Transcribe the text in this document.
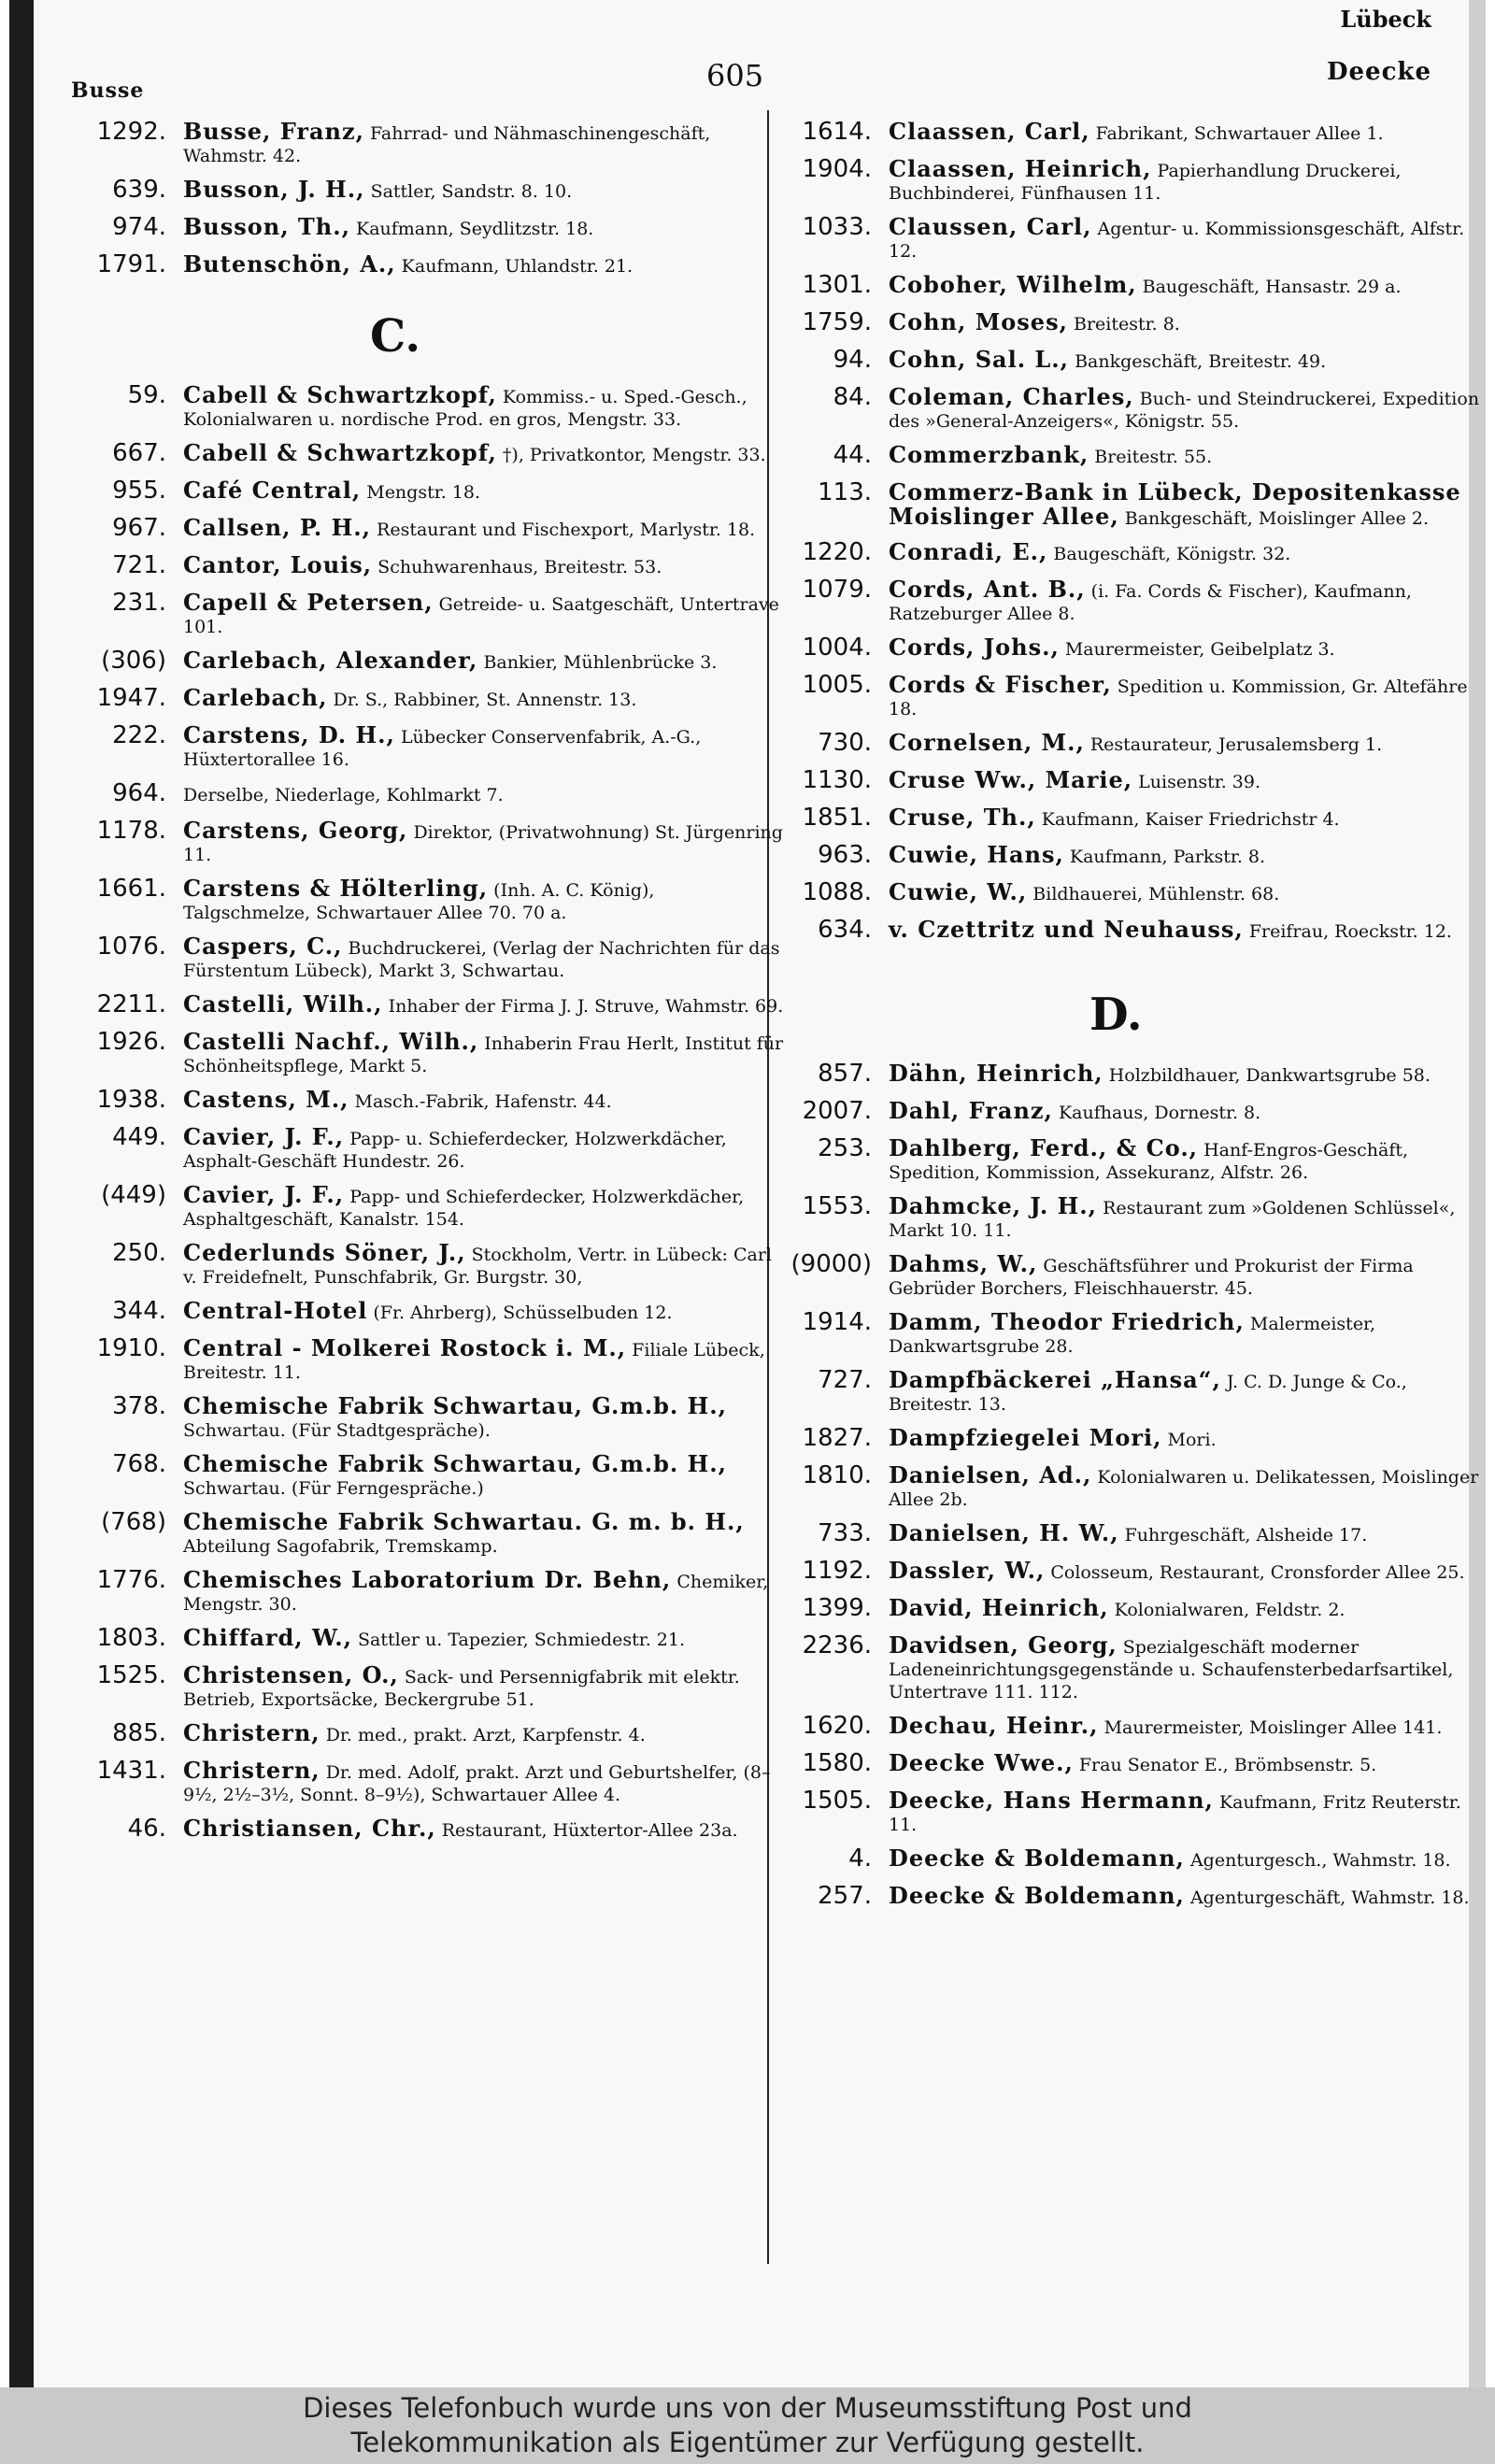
Lübeck
Busse	605	Deecke
1292. Busse, Franz, Fahrrad- und Nähmaschinengeschäft, Wahmstr. 42.
639. Busson, J. H., Sattler, Sandstr. 8. 10.
974. Busson, Th., Kaufmann, Seydlitzstr. 18.
1791. Butenschön, A., Kaufmann, Uhlandstr. 21.
C.
59. Cabell & Schwartzkopf, Kommiss.- u. Sped.-Gesch., Kolonialwaren u. nordische Prod. en gros, Mengstr. 33.
667. Cabell & Schwartzkopf, †), Privatkontor, Mengstr. 33.
955. Café Central, Mengstr. 18.
967. Callsen, P. H., Restaurant und Fischexport, Marlystr. 18.
721. Cantor, Louis, Schuhwarenhaus, Breitestr. 53.
231. Capell & Petersen, Getreide- u. Saatgeschäft, Untertrave 101.
(306) Carlebach, Alexander, Bankier, Mühlenbrücke 3.
1947. Carlebach, Dr. S., Rabbiner, St. Annenstr. 13.
222. Carstens, D. H., Lübecker Conservenfabrik, A.-G., Hüxtertorallee 16.
964. Derselbe, Niederlage, Kohlmarkt 7.
1178. Carstens, Georg, Direktor, (Privatwohnung) St. Jürgenring 11.
1661. Carstens & Hölterling, (Inh. A. C. König), Talgschmelze, Schwartauer Allee 70. 70 a.
1076. Caspers, C., Buchdruckerei, (Verlag der Nachrichten für das Fürstentum Lübeck), Markt 3, Schwartau.
2211. Castelli, Wilh., Inhaber der Firma J. J. Struve, Wahmstr. 69.
1926. Castelli Nachf., Wilh., Inhaberin Frau Herlt, Institut für Schönheitspflege, Markt 5.
1938. Castens, M., Masch.-Fabrik, Hafenstr. 44.
449. Cavier, J. F., Papp- u. Schieferdecker, Holzwerkdächer, Asphalt-Geschäft Hundestr. 26.
(449) Cavier, J. F., Papp- und Schieferdecker, Holzwerkdächer, Asphaltgeschäft, Kanalstr. 154.
250. Cederlunds Söner, J., Stockholm, Vertr. in Lübeck: Carl v. Freidefnelt, Punschfabrik, Gr. Burgstr. 30,
344. Central-Hotel (Fr. Ahrberg), Schüsselbuden 12.
1910. Central - Molkerei Rostock i. M., Filiale Lübeck, Breitestr. 11.
378. Chemische Fabrik Schwartau, G.m.b. H., Schwartau. (Für Stadtgespräche).
768. Chemische Fabrik Schwartau, G.m.b. H., Schwartau. (Für Ferngespräche.)
(768) Chemische Fabrik Schwartau. G. m. b. H., Abteilung Sagofabrik, Tremskamp.
1776. Chemisches Laboratorium Dr. Behn, Chemiker, Mengstr. 30.
1803. Chiffard, W., Sattler u. Tapezier, Schmiedestr. 21.
1525. Christensen, O., Sack- und Persennigfabrik mit elektr. Betrieb, Exportsäcke, Beckergrube 51.
885. Christern, Dr. med., prakt. Arzt, Karpfenstr. 4.
1431. Christern, Dr. med. Adolf, prakt. Arzt und Geburtshelfer, (8–9½, 2½–3½, Sonnt. 8–9½), Schwartauer Allee 4.
46. Christiansen, Chr., Restaurant, Hüxtertor-Allee 23a.
1614. Claassen, Carl, Fabrikant, Schwartauer Allee 1.
1904. Claassen, Heinrich, Papierhandlung Druckerei, Buchbinderei, Fünfhausen 11.
1033. Claussen, Carl, Agentur- u. Kommissionsgeschäft, Alfstr. 12.
1301. Coboher, Wilhelm, Baugeschäft, Hansastr. 29 a.
1759. Cohn, Moses, Breitestr. 8.
94. Cohn, Sal. L., Bankgeschäft, Breitestr. 49.
84. Coleman, Charles, Buch- und Steindruckerei, Expedition des »General-Anzeigers«, Königstr. 55.
44. Commerzbank, Breitestr. 55.
113. Commerz-Bank in Lübeck, Depositenkasse Moislinger Allee, Bankgeschäft, Moislinger Allee 2.
1220. Conradi, E., Baugeschäft, Königstr. 32.
1079. Cords, Ant. B., (i. Fa. Cords & Fischer), Kaufmann, Ratzeburger Allee 8.
1004. Cords, Johs., Maurermeister, Geibelplatz 3.
1005. Cords & Fischer, Spedition u. Kommission, Gr. Altefähre 18.
730. Cornelsen, M., Restaurateur, Jerusalemsberg 1.
1130. Cruse Ww., Marie, Luisenstr. 39.
1851. Cruse, Th., Kaufmann, Kaiser Friedrichstr 4.
963. Cuwie, Hans, Kaufmann, Parkstr. 8.
1088. Cuwie, W., Bildhauerei, Mühlenstr. 68.
634. v. Czettritz und Neuhauss, Freifrau, Roeckstr. 12.
D.
857. Dähn, Heinrich, Holzbildhauer, Dankwartsgrube 58.
2007. Dahl, Franz, Kaufhaus, Dornestr. 8.
253. Dahlberg, Ferd., & Co., Hanf-Engros-Geschäft, Spedition, Kommission, Assekuranz, Alfstr. 26.
1553. Dahmcke, J. H., Restaurant zum »Goldenen Schlüssel«, Markt 10. 11.
(9000) Dahms, W., Geschäftsführer und Prokurist der Firma Gebrüder Borchers, Fleischhauerstr. 45.
1914. Damm, Theodor Friedrich, Malermeister, Dankwartsgrube 28.
727. Dampfbäckerei „Hansa“, J. C. D. Junge & Co., Breitestr. 13.
1827. Dampfziegelei Mori, Mori.
1810. Danielsen, Ad., Kolonialwaren u. Delikatessen, Moislinger Allee 2b.
733. Danielsen, H. W., Fuhrgeschäft, Alsheide 17.
1192. Dassler, W., Colosseum, Restaurant, Cronsforder Allee 25.
1399. David, Heinrich, Kolonialwaren, Feldstr. 2.
2236. Davidsen, Georg, Spezialgeschäft moderner Ladeneinrichtungsgegenstände u. Schaufensterbedarfsartikel, Untertrave 111. 112.
1620. Dechau, Heinr., Maurermeister, Moislinger Allee 141.
1580. Deecke Wwe., Frau Senator E., Brömbsenstr. 5.
1505. Deecke, Hans Hermann, Kaufmann, Fritz Reuterstr. 11.
4. Deecke & Boldemann, Agenturgesch., Wahmstr. 18.
257. Deecke & Boldemann, Agenturgeschäft, Wahmstr. 18.
Dieses Telefonbuch wurde uns von der Museumsstiftung Post und
Telekommunikation als Eigentümer zur Verfügung gestellt.
